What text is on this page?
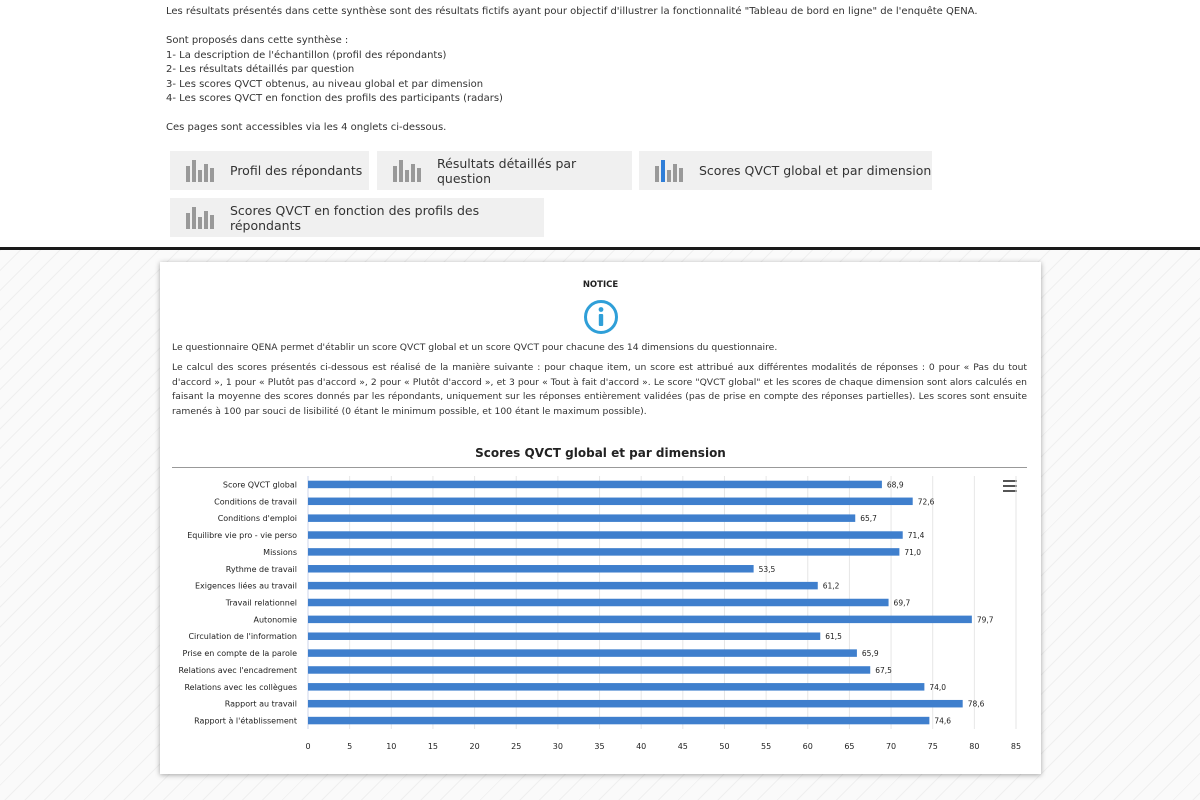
Les résultats présentés dans cette synthèse sont des résultats fictifs ayant pour objectif d'illustrer la fonctionnalité "Tableau de bord en ligne" de l'enquête QENA.

Sont proposés dans cette synthèse :

1- La description de l'échantillon (profil des répondants)

2- Les résultats détaillés par question

3- Les scores QVCT obtenus, au niveau global et par dimension

4- Les scores QVCT en fonction des profils des participants (radars)

Ces pages sont accessibles via les 4 onglets ci-dessous.

Profil des répondants	Résultats détaillés par question	Scores QVCT global et par dimension
Scores QVCT en fonction des profils des répondants
NOTICE

Le questionnaire QENA permet d'établir un score QVCT global et un score QVCT pour chacune des 14 dimensions du questionnaire.

Le calcul des scores présentés ci-dessous est réalisé de la manière suivante : pour chaque item, un score est attribué aux différentes modalités de réponses : 0 pour « Pas du tout d'accord », 1 pour « Plutôt pas d'accord », 2 pour « Plutôt d'accord », et 3 pour « Tout à fait d'accord ». Le score "QVCT global" et les scores de chaque dimension sont alors calculés en faisant la moyenne des scores donnés par les répondants, uniquement sur les réponses entièrement validées (pas de prise en compte des réponses partielles). Les scores sont ensuite ramenés à 100 par souci de lisibilité (0 étant le minimum possible, et 100 étant le maximum possible).

Scores QVCT global et par dimension
0	5	10	15	20	25	30	35	40	45	50	55	60	65	70	75	80	85
Score QVCT global	68,9
Conditions de travail	72,6
Conditions d'emploi	65,7
Equilibre vie pro - vie perso	71,4
Missions	71,0
Rythme de travail	53,5
Exigences liées au travail	61,2
Travail relationnel	69,7
Autonomie	79,7
Circulation de l'information	61,5
Prise en compte de la parole	65,9
Relations avec l'encadrement	67,5
Relations avec les collègues	74,0
Rapport au travail	78,6
Rapport à l'établissement	74,6
